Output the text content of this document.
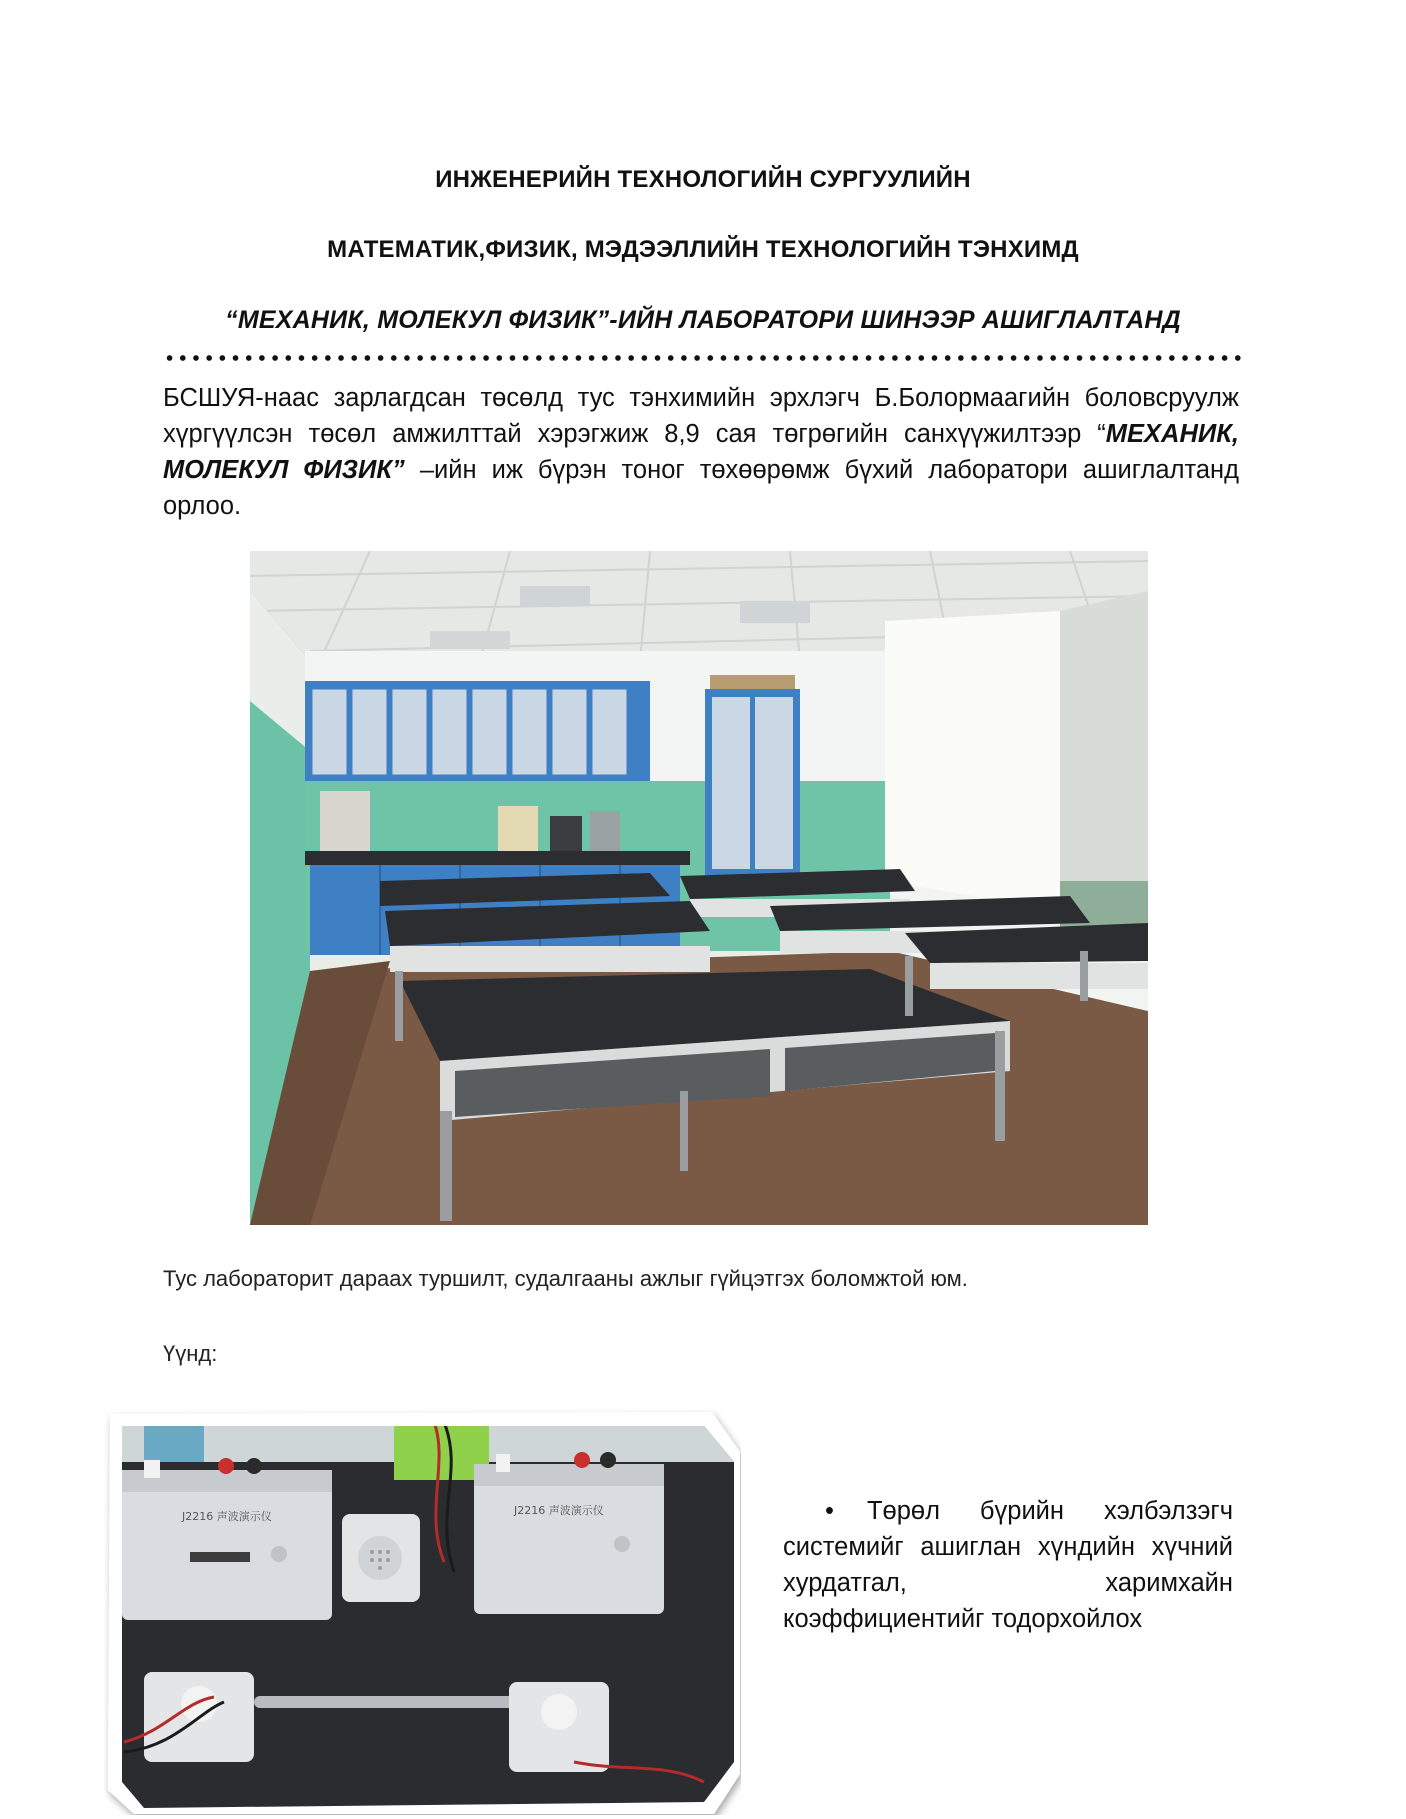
ИНЖЕНЕРИЙН ТЕХНОЛОГИЙН СУРГУУЛИЙН
МАТЕМАТИК,ФИЗИК, МЭДЭЭЛЛИЙН ТЕХНОЛОГИЙН ТЭНХИМД
“МЕХАНИК, МОЛЕКУЛ ФИЗИК”-ИЙН ЛАБОРАТОРИ ШИНЭЭР АШИГЛАЛТАНД

БСШУЯ-наас зарлагдсан төсөлд тус тэнхимийн эрхлэгч Б.Болормаагийн боловсруулж хүргүүлсэн төсөл амжилттай хэрэгжиж 8,9 сая төгрөгийн санхүүжилтээр “МЕХАНИК, МОЛЕКУЛ ФИЗИК” –ийн иж бүрэн тоног төхөөрөмж бүхий лаборатори ашиглалтанд орлоо.

Тус лабораторит дараах туршилт, судалгааны ажлыг гүйцэтгэх боломжтой юм.
Үүнд:
J2216 声波演示仪	J2216 声波演示仪	• Төрөл бүрийн хэлбэлзэгч системийг ашиглан хүндийн хүчний хурдатгал, харимхайн коэффициентийг тодорхойлох
